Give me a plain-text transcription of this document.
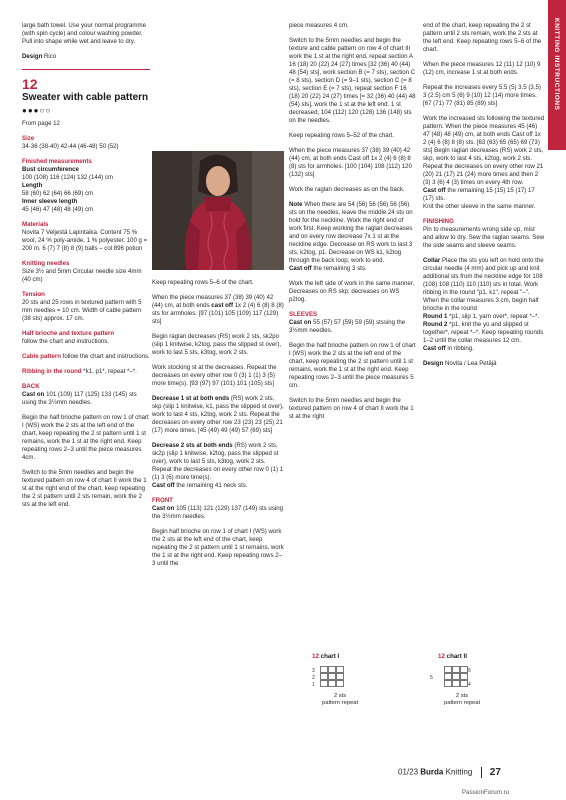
KNITTING INSTRUCTIONS

large bath towel. Use your normal programme (with spin cycle) and colour washing powder. Pull into shape while wet and leave to dry.

Design Rico

12
Sweater with cable pattern
●●●○○

From page 12

Size
34-36 (38-40) 42-44 (46-48) 50 (52)

Finished measurements
Bust circumference
100 (108) 116 (124) 132 (144) cm
Length
58 (60) 62 (64) 66 (69) cm
Inner sleeve length
45 (46) 47 (48) 48 (49) cm

Materials
Novita 7 Veljestä Lapintaika. Content 75 % wool, 24 % poly-amide, 1 % polyester. 100 g = 200 m. 6 (7) 7 (8) 8 (9) balls – col 896 potion

Knitting needles
Size 3½ and 5mm Circular needle size 4mm (40 cm)

Tension
20 sts and 25 rows in textured pattern with 5 mm needles = 10 cm. Width of cable pattern (38 sts) approx. 17 cm.

Half brioche and texture pattern
follow the chart and instructions.

Cable pattern follow the chart and instructions.

Ribbing in the round *k1, p1*, repeat *–*.

BACK
Cast on 101 (109) 117 (125) 133 (145) sts using the 3½mm needles.

Begin the half brioche pattern on row 1 of chart I (WS) work the 2 sts at the left end of the chart, keep repeating the 2 st pattern until 1 st remains, work the 1 st at the right end. Keep repeating rows 2–3 until the piece measures 4cm.

Switch to the 5mm needles and begin the textured pattern on row 4 of chart II work the 1 st at the right end of the chart, keep repeating the 2 st pattern until 2 sts remain, work the 2 sts at the left end.

Keep repeating rows 5–6 of the chart.

When the piece measures 37 (38) 39 (40) 42 (44) cm, at both ends cast off 1x 2 (4) 6 (8) 8 (8) sts for armholes. [97 (101) 105 (109) 117 (129) sts]

Begin raglan decreases (RS) work 2 sts, sk2po (slip 1 knitwise, k2tog, pass the slipped st over), work to last 5 sts, k3tog, work 2 sts.

Work stocking st at the decreases. Repeat the decreases on every other row 0 (3) 1 (1) 3 (5) more time(s). [93 (97) 97 (101) 101 (105) sts]

Decrease 1 st at both ends (RS) work 2 sts, skp (slip 1 knitwise, k1, pass the slipped st over), work to last 4 sts, k2tog, work 2 sts. Repeat the decreases on every other row 23 (23) 23 (25) 21 (17) more times. [45 (49) 49 (49) 57 (69) sts]

Decrease 2 sts at both ends (RS) work 2 sts, sk2p (slip 1 knitwise, k2tog, pass the slipped st over), work to last 5 sts, k3tog, work 2 sts. Repeat the decreases on every other row 0 (1) 1 (1) 3 (6) more time(s).
Cast off the remaining 41 neck sts.

FRONT
Cast on 105 (113) 121 (129) 137 (149) sts using the 3½mm needles.

Begin half brioche on row 1 of chart I (WS) work the 2 sts at the left end of the chart, keep repeating the 2 st pattern until 1 st remains, work the 1 st at the right end. Keep repeating rows 2–3 until the

piece measures 4 cm.

Switch to the 5mm needles and begin the texture and cable pattern on row 4 of chart III work the 1 st at the right end, repeat section A 16 (18) 20 (22) 24 (27) times [32 (36) 40 (44) 48 (54) sts], work section B (= 7 sts), section C (= 8 sts), section D (= 9–1 sts), section C (= 8 sts), section E (= 7 sts), repeat section F 16 (18) 20 (22) 24 (27) times [= 32 (36) 40 (44) 48 (54) sts], work the 1 st at the left end. 1 st decreased, 104 (112) 120 (128) 136 (148) sts on the needles.

Keep repeating rows 5–52 of the chart.

When the piece measures 37 (38) 39 (40) 42 (44) cm, at both ends Cast off 1x 2 (4) 6 (8) 8 (8) sts for armholes. [100 (104) 108 (112) 120 (132) sts]

Work the raglan decreases as on the back.

Note When there are 54 (56) 56 (56) 56 (56) sts on the needles, leave the middle 24 sts on hold for the neckline. Work the right end of work first. Keep working the raglan decreases and on every row decrease 7x 1 st at the neckline edge. Decrease on RS work to last 3 sts, k2tog, p1. Decrease on WS k1, k2tog through the back loop, work to end.
Cast off the remaining 3 sts.

Work the left side of work in the same manner. Decreases on RS skp; decreases on WS p2tog.

SLEEVES
Cast on 55 (57) 57 (59) 59 (59) stssing the 3½mm needles.

Begin the half brioche pattern on row 1 of chart I (WS) work the 2 sts at the left end of the chart, keep repeating the 2 st pattern until 1 st remains, work the 1 st at the right end. Keep repeating rows 2–3 until the piece measures 5 cm.

Switch to the 5mm needles and begin the textured pattern on row 4 of chart II work the 1 st at the right

end of the chart, keep repeating the 2 st pattern until 2 sts remain, work the 2 sts at the left end. Keep repeating rows 5–6 of the chart.

When the piece measures 12 (11) 12 (10) 9 (12) cm, increase 1 st at both ends.

Repeat the increases every 5.5 (5) 3.5 (3.5) 3 (2.5) cm 5 (6) 9 (10) 12 (14) more times. [67 (71) 77 (81) 85 (89) sts]

Work the increased sts following the textured pattern. When the piece measures 45 (46) 47 (48) 48 (49) cm, at both ends Cast off 1x 2 (4) 6 (8) 8 (8) sts. [63 (63) 65 (65) 69 (73) sts] Begin raglan decreases (RS) work 2 sts, skp, work to last 4 sts, k2tog, work 2 sts. Repeat the decreases on every other row 21 (20) 21 (17) 21 (24) more times and then 2 (3) 3 (6) 4 (3) times on every 4th row.
Cast off the remaining 15 (15) 15 (17) 17 (17) sts.
Knit the other sleeve in the same manner.

FINISHING
Pin to measurements wrong side up, mist and allow to dry. Sew the raglan seams. Sew the side seams and sleeve seams.

Collar Place the sts you left on hold onto the circular needle (4 mm) and pick up and knit additional sts from the neckline edge for 108 (108) 108 (110) 110 (110) sts in total. Work ribbing in the round "p1, k1", repeat "–". When the collar measures 3 cm, begin half brioche in the round
Round 1 *p1, slip 1, yarn over*, repeat *–*.
Round 2 *p1, knit the yo and slipped st together*, repeat *–*. Keep repeating rounds 1–2 until the collar measures 12 cm.
Cast off in ribbing.

Design Novita / Lea Petäjä

12 chart I
3
2
1
2 sts
pattern repeat
12 chart II
6
5
4
2 sts
pattern repeat
01/23 Burda Knitting 27
PassionForum.ru
